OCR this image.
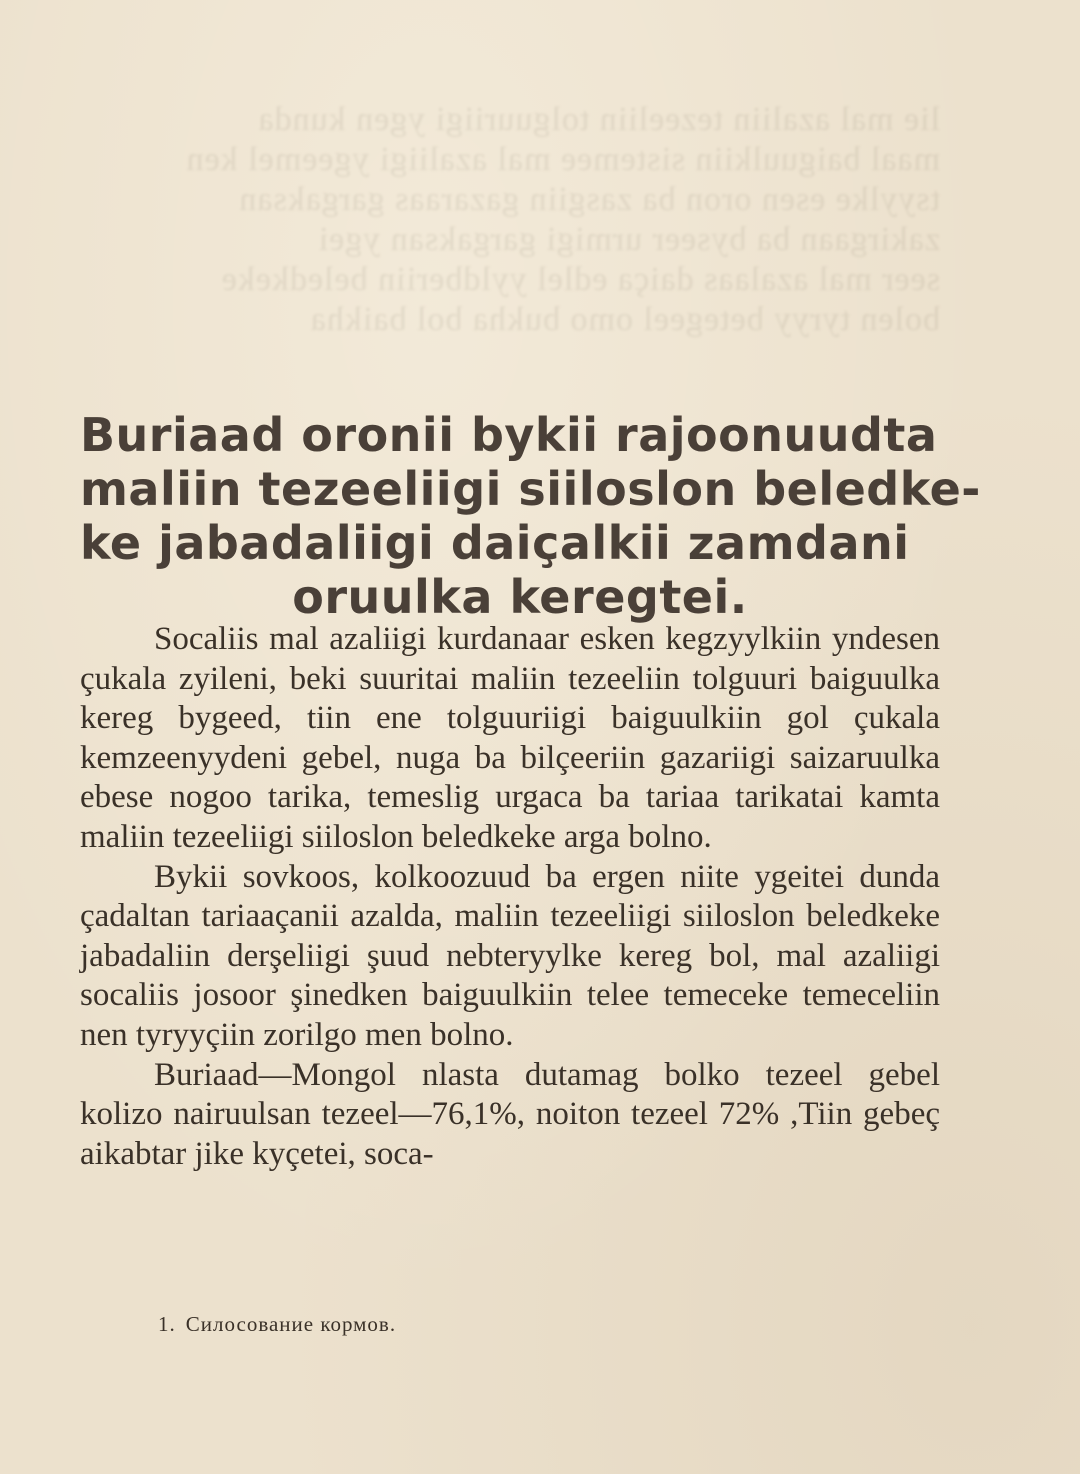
lie mal azaliin tezeeliin tolguuriigi ygen kunda
maal baiguulkiin sistemee mal azaliigi ygeemel ken
tsyylke esen oron ba zasgiin gazaraas gargaksan
zakirgaan ba byseer urmigi gargaksan ygei
seer mal azalaas daiça edlel yyldberiin beledkeke
bolen tyryy betegeel omo bukha bol baikha
Buriaad oronii bykii rajoonuudta
maliin tezeeliigi siiloslon beledke-
ke jabadaliigi daiçalkii zamdani
oruulka keregtei.

Socaliis mal azaliigi kurdanaar esken kegzyylkiin yndesen çukala zyileni, beki suuritai maliin tezeeliin tolguuri baiguulka kereg bygeed, tiin ene tolguuriigi baiguulkiin gol çukala kemzeenyydeni gebel, nuga ba bilçeeriin gazariigi saizaruulka ebese nogoo tarika, temeslig urgaca ba tariaa tarikatai kamta maliin tezeeliigi siiloslon beledkeke arga bolno.

Bykii sovkoos, kolkoozuud ba ergen niite ygeitei dunda çadaltan tariaaçanii azalda, maliin tezeeliigi siiloslon beledkeke jabadaliin derşeliigi şuud nebteryylke kereg bol, mal azaliigi socaliis josoor şinedken baiguulkiin telee temeceke temeceliin nen tyryyçiin zorilgo men bolno.

Buriaad—Mongol nlasta dutamag bolko tezeel gebel kolizo nairuulsan tezeel—76,1%, noiton tezeel 72% ,Tiin gebeç aikabtar jike kyçetei, soca-

1. Силосование кормов.
